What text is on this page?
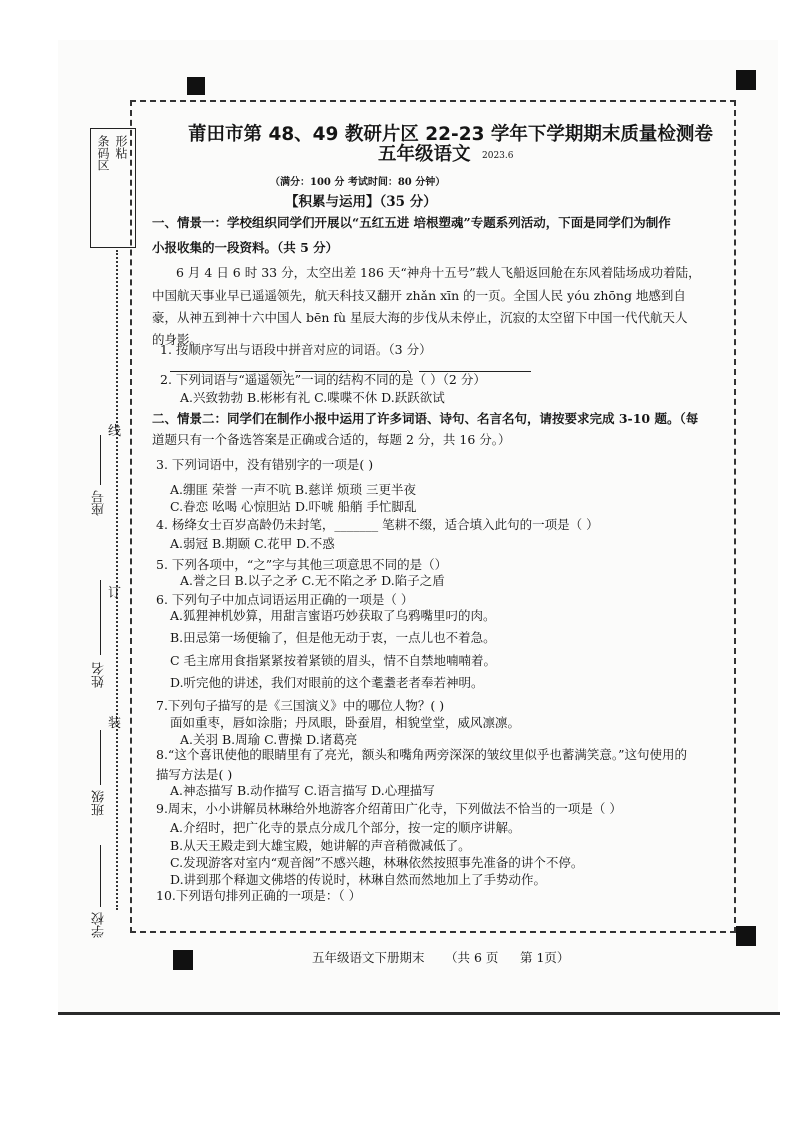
条码区 形粘
线
座号
订
姓名
装
班级
学校
莆田市第 48、49 教研片区 22-23 学年下学期期末质量检测卷
五年级语文 2023.6
（满分：100 分 考试时间：80 分钟）
【积累与运用】（35 分）
一、情景一：学校组织同学们开展以“五红五进 培根塑魂”专题系列活动，下面是同学们为制作
小报收集的一段资料。（共 5 分）
6 月 4 日 6 时 33 分，太空出差 186 天“神舟十五号”载人飞船返回舱在东风着陆场成功着陆，
中国航天事业早已遥遥领先，航天科技又翻开 zhǎn xīn 的一页。全国人民 yóu zhōng 地感到自
豪，从神五到神十六中国人 bēn fù 星辰大海的步伐从未停止，沉寂的太空留下中国一代代航天人
的身影。
1. 按顺序写出与语段中拼音对应的词语。（3 分）
、	、
2. 下列词语与“遥遥领先”一词的结构不同的是（ ）（2 分）
A.兴致勃勃 B.彬彬有礼 C.喋喋不休 D.跃跃欲试
二、情景二：同学们在制作小报中运用了许多词语、诗句、名言名句，请按要求完成 3-10 题。（每
道题只有一个备选答案是正确或合适的，每题 2 分，共 16 分。）
3. 下列词语中，没有错别字的一项是( )
A.绷匪 荣誉 一声不吭 B.慈详 烦琐 三更半夜
C.眷恋 吆喝 心惊胆站 D.吓唬 船艄 手忙脚乱
4. 杨绛女士百岁高龄仍未封笔，_______ 笔耕不缀，适合填入此句的一项是（ ）
A.弱冠 B.期颐 C.花甲 D.不惑
5. 下列各项中，“之”字与其他三项意思不同的是（）
A.誉之曰 B.以子之矛 C.无不陷之矛 D.陷子之盾
6. 下列句子中加点词语运用正确的一项是（ ）
A.狐狸神机妙算，用甜言蜜语巧妙获取了乌鸦嘴里叼的肉。
B.田忌第一场便输了，但是他无动于衷，一点儿也不着急。
C 毛主席用食指紧紧按着紧锁的眉头，情不自禁地喃喃着。
D.听完他的讲述，我们对眼前的这个耄耋老者奉若神明。
7.下列句子描写的是《三国演义》中的哪位人物？( )
面如重枣，唇如涂脂；丹凤眼，卧蚕眉，相貌堂堂，威风凛凛。
A.关羽 B.周瑜 C.曹操 D.诸葛亮
8.“这个喜讯使他的眼睛里有了亮光，额头和嘴角两旁深深的皱纹里似乎也蓄满笑意。”这句使用的
描写方法是( )
A.神态描写 B.动作描写 C.语言描写 D.心理描写
9.周末，小小讲解员林琳给外地游客介绍莆田广化寺，下列做法不恰当的一项是（ ）
A.介绍时，把广化寺的景点分成几个部分，按一定的顺序讲解。
B.从天王殿走到大雄宝殿，她讲解的声音稍微减低了。
C.发现游客对室内“观音阁”不感兴趣，林琳依然按照事先准备的讲个不停。
D.讲到那个释迦文佛塔的传说时，林琳自然而然地加上了手势动作。
10.下列语句排列正确的一项是：（ ）
五年级语文下册期末 （共 6 页 第 1页）
